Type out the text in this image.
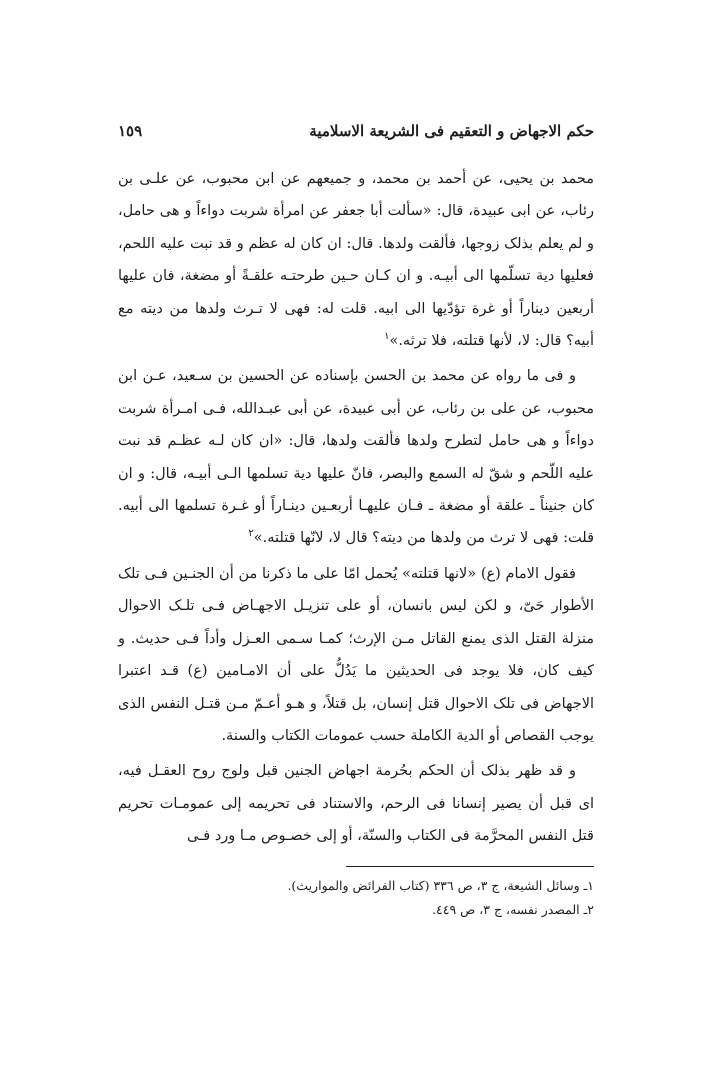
١٥٩	حكم الاجهاض و التعقيم فى الشريعة الاسلامية

محمد بن يحيى، عن أحمد بن محمد، و جميعهم عن ابن محبوب، عن علـى بن رئاب، عن ابى عبيدة، قال: «سألت أبا جعفر عن امرأة شربت دواءاً و هى حامل، و لم يعلم بذلک زوجها، فألقت ولدها. قال: ان كان له عظم و قد نبت عليه اللحم، فعليها دية تسلّمها الى أبيـه. و ان كـان حـين طرحتـه علقـةً أو مضغة، فان عليها أربعين ديناراً أو غرة تؤدّيها الى ابيه. قلت له: فهى لا تـرث ولدها من ديته مع أبيه؟ قال: لا، لأنها قتلته، فلا ترثه.»$^١$

و فى ما رواه عن محمد بن الحسن بإسناده عن الحسين بن سـعيد، عـن ابن محبوب، عن على بن رئاب، عن أبى عبيدة، عن أبى عبـدالله، فـى امـرأة شربت دواءاً و هى حامل لتطرح ولدها فألقت ولدها، قال: «ان كان لـه عظـم قد نبت عليه اللّحم و شقّ له السمع والبصر، فانّ عليها دية تسلمها الـى أبيـه، قال: و ان كان جنيناً ـ علقة أو مضغة ـ فـان عليهـا أربعـين دينـاراً أو غـرة تسلمها الى أبيه. قلت: فهى لا ترث من ولدها من ديته؟ قال لا، لانّها قتلته.»$^٢$

فقول الامام (ع) «لانها قتلته» يُحمل امّا على ما ذكرنا من أن الجنـين فـى تلک الأطوار حَىّ، و لكن ليس بانسان، أو على تنزيـل الاجهـاض فـى تلـک الاحوال منزلة القتل الذى يمنع القاتل مـن الإرث؛ كمـا سـمى العـزل وأداً فـى حديث. و كيف كان، فلا يوجد فى الحديثين ما يَدُلُّ على أن الامـامين (ع) قـد اعتبرا الاجهاض فى تلک الاحوال قتل إنسان، بل قتلاً، و هـو أعـمّ مـن قتـل النفس الذى يوجب القصاص أو الدية الكاملة حسب عمومات الكتاب والسنة.

و قد ظهر بذلک أن الحكم بحُرمة اجهاض الجنين قبل ولوج روح العقـل فيه، اى قبل أن يصير إنسانا فى الرحم، والاستناد فى تحريمه إلى عمومـات تحريم قتل النفس المحرَّمة فى الكتاب والسنّة، أو إلى خصـوص مـا ورد فـى

١ـ وسائل الشيعة، ج ٣، ص ٣٣٦ (كتاب الفرائض والمواريث).
٢ـ المصدر نفسه، ج ٣، ص ٤٤٩.
